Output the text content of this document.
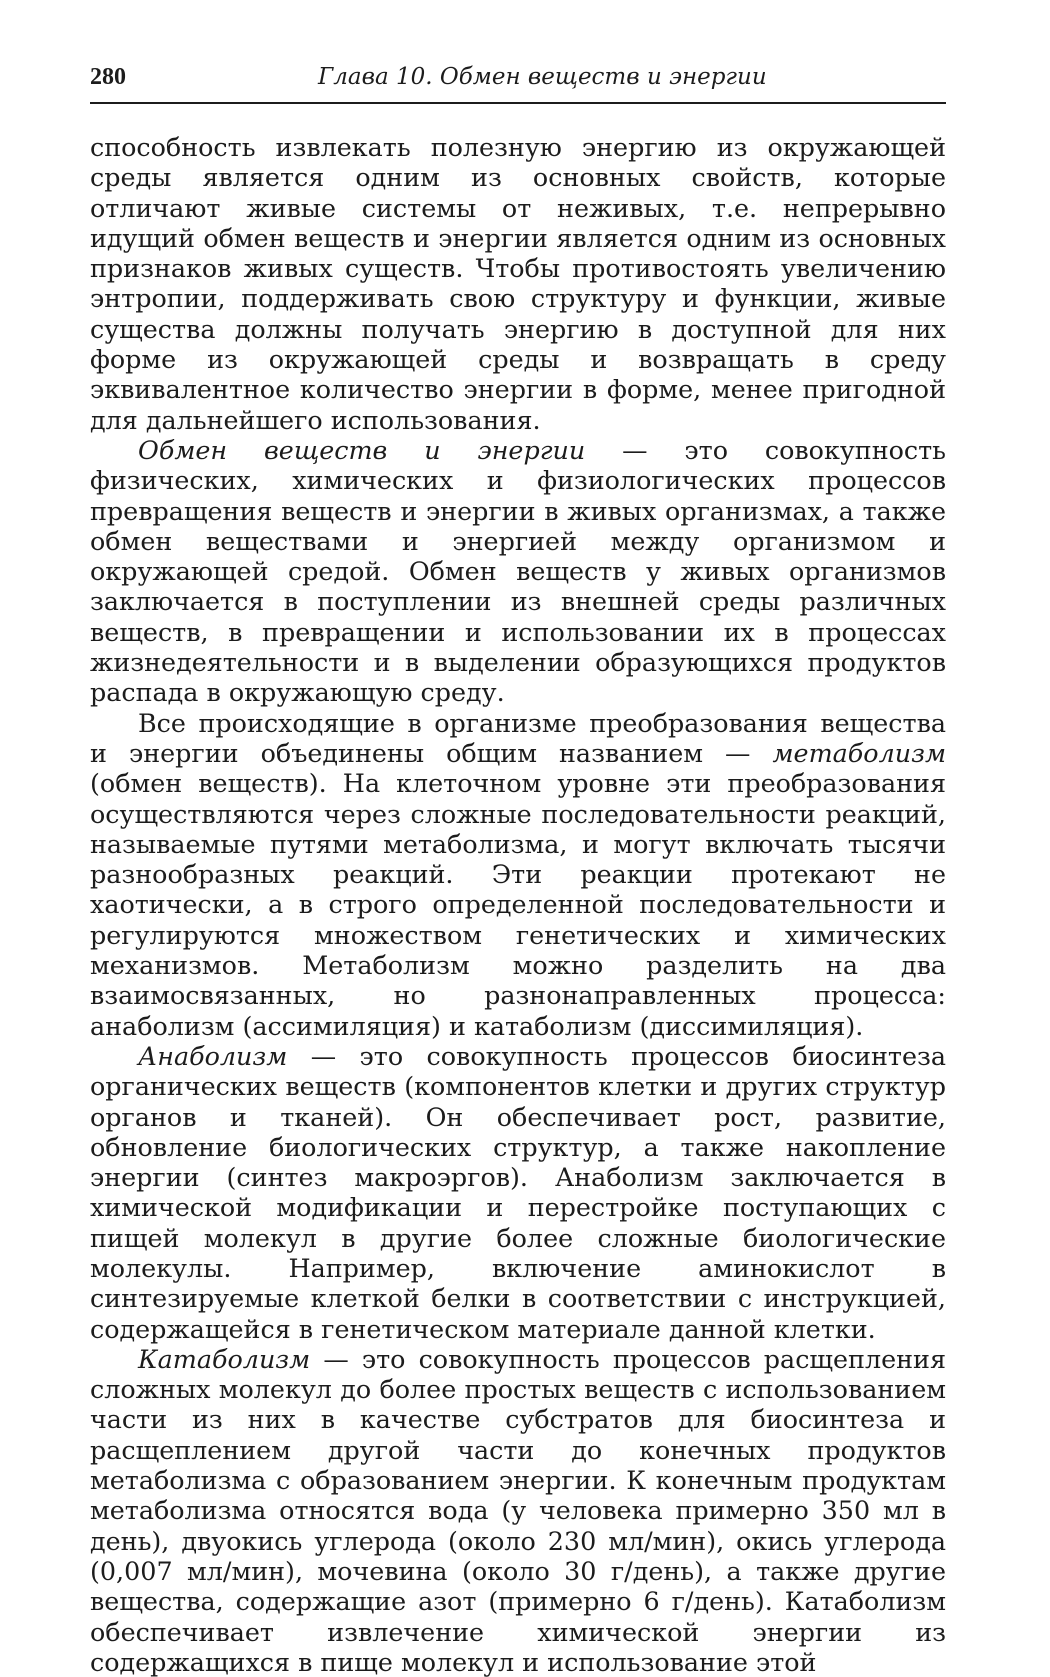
280	Глава 10. Обмен веществ и энергии

способность извлекать полезную энергию из окружающей среды является одним из основных свойств, которые отличают живые системы от неживых, т.е. непрерывно идущий обмен веществ и энергии является одним из основных признаков живых существ. Чтобы противостоять увеличению энтропии, поддерживать свою структуру и функции, живые существа должны получать энергию в доступной для них форме из окружающей среды и возвращать в среду эквивалентное количество энергии в форме, менее пригодной для дальнейшего использования.

Обмен веществ и энергии — это совокупность физических, химических и физиологических процессов превращения веществ и энергии в живых организмах, а также обмен веществами и энергией между организмом и окружающей средой. Обмен веществ у живых организмов заключается в поступлении из внешней среды различных веществ, в превращении и использовании их в процессах жизнедеятельности и в выделении образующихся продуктов распада в окружающую среду.

Все происходящие в организме преобразования вещества и энергии объединены общим названием — метаболизм (обмен веществ). На клеточном уровне эти преобразования осуществляются через сложные последовательности реакций, называемые путями метаболизма, и могут включать тысячи разнообразных реакций. Эти реакции протекают не хаотически, а в строго определенной последовательности и регулируются множеством генетических и химических механизмов. Метаболизм можно разделить на два взаимосвязанных, но разнонаправленных процесса: анаболизм (ассимиляция) и катаболизм (диссимиляция).

Анаболизм — это совокупность процессов биосинтеза органических веществ (компонентов клетки и других структур органов и тканей). Он обеспечивает рост, развитие, обновление биологических структур, а также накопление энергии (синтез макроэргов). Анаболизм заключается в химической модификации и перестройке поступающих с пищей молекул в другие более сложные биологические молекулы. Например, включение аминокислот в синтезируемые клеткой белки в соответствии с инструкцией, содержащейся в генетическом материале данной клетки.

Катаболизм — это совокупность процессов расщепления сложных молекул до более простых веществ с использованием части из них в качестве субстратов для биосинтеза и расщеплением другой части до конечных продуктов метаболизма с образованием энергии. К конечным продуктам метаболизма относятся вода (у человека примерно 350 мл в день), двуокись углерода (около 230 мл/мин), окись углерода (0,007 мл/мин), мочевина (около 30 г/день), а также другие вещества, содержащие азот (примерно 6 г/день). Катаболизм обеспечивает извлечение химической энергии из содержащихся в пище молекул и использование этой
